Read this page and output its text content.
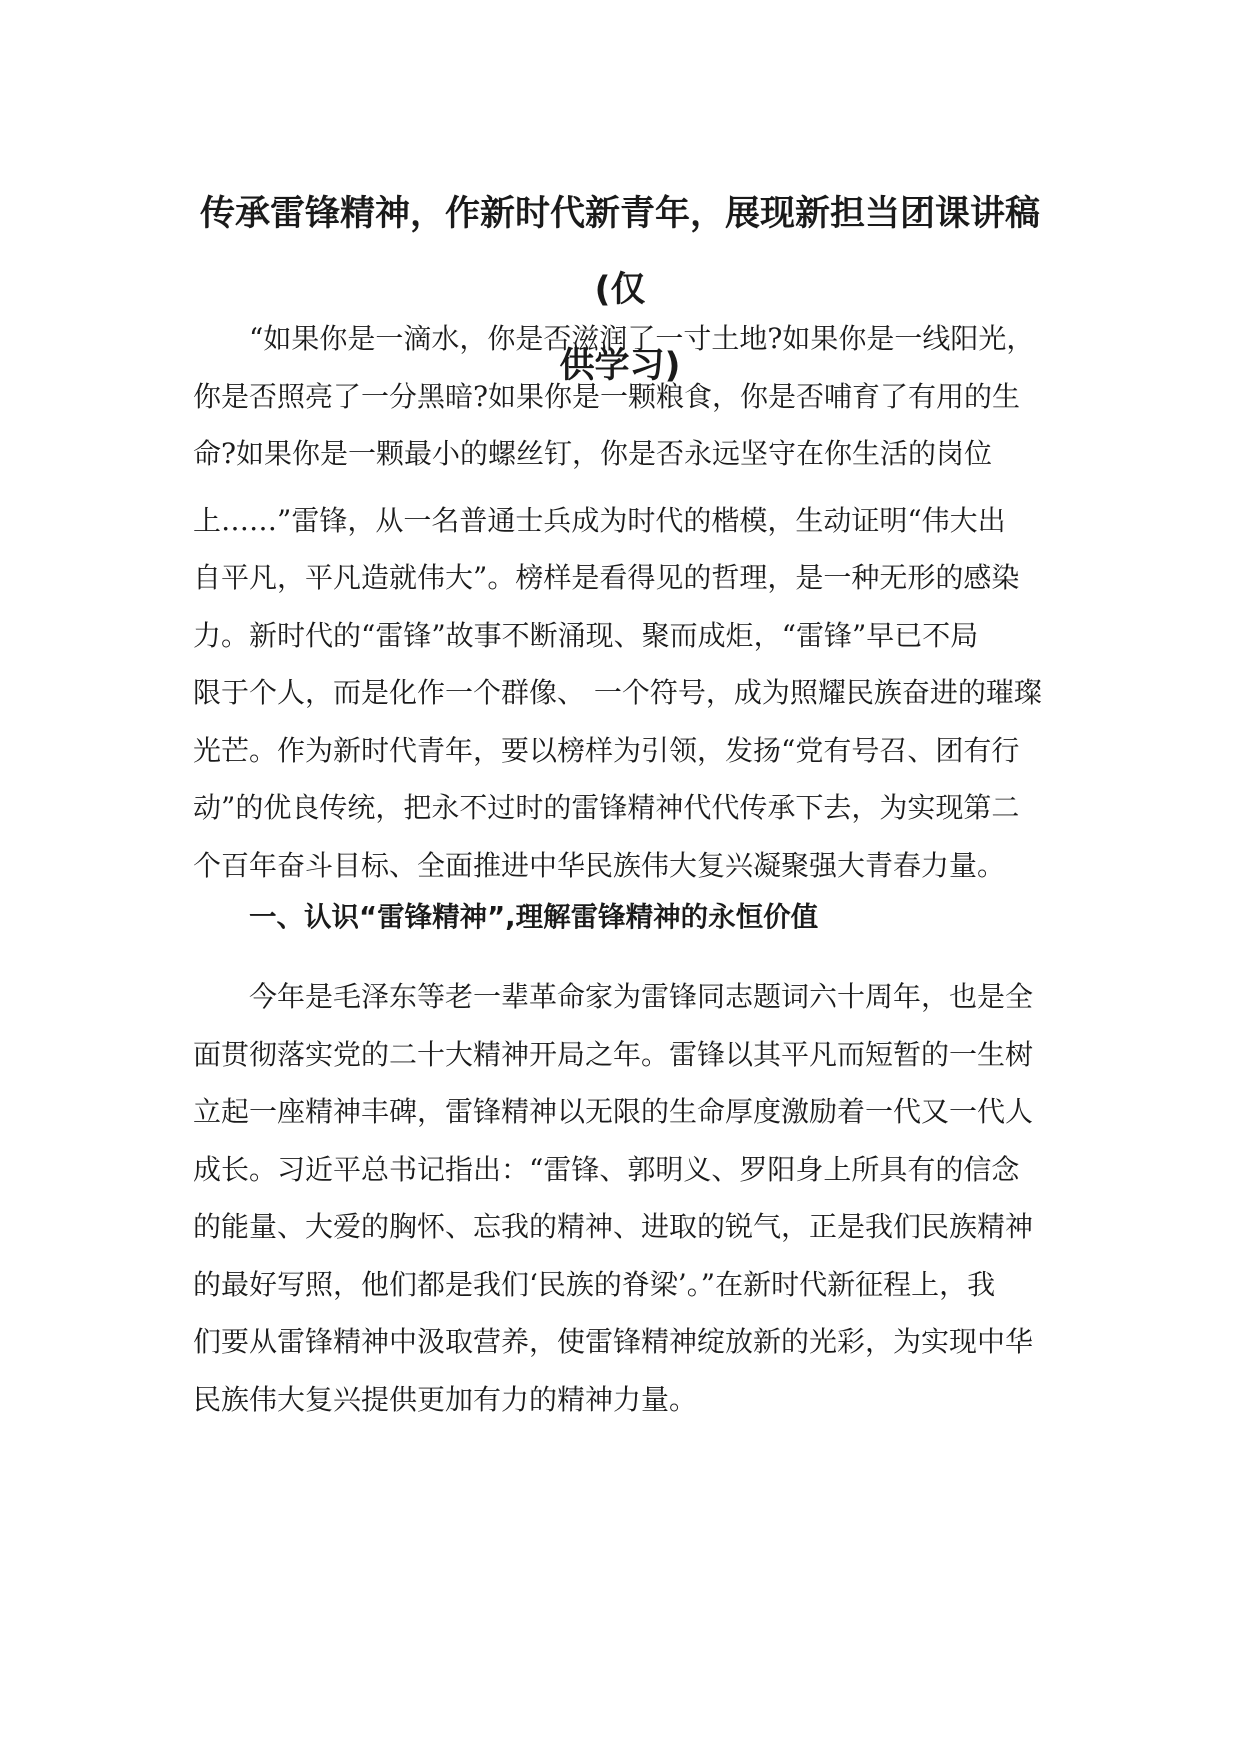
传承雷锋精神，作新时代新青年，展现新担当团课讲稿(仅
供学习)
“如果你是一滴水，你是否滋润了一寸土地?如果你是一线阳光，
你是否照亮了一分黑暗?如果你是一颗粮食，你是否哺育了有用的生
命?如果你是一颗最小的螺丝钉，你是否永远坚守在你生活的岗位
上……”雷锋，从一名普通士兵成为时代的楷模，生动证明“伟大出
自平凡，平凡造就伟大”。榜样是看得见的哲理，是一种无形的感染
力。新时代的“雷锋”故事不断涌现、聚而成炬，“雷锋”早已不局
限于个人，而是化作一个群像、 一个符号，成为照耀民族奋进的璀璨
光芒。作为新时代青年，要以榜样为引领，发扬“党有号召、团有行
动”的优良传统，把永不过时的雷锋精神代代传承下去，为实现第二
个百年奋斗目标、全面推进中华民族伟大复兴凝聚强大青春力量。
一、认识“雷锋精神”,理解雷锋精神的永恒价值
今年是毛泽东等老一辈革命家为雷锋同志题词六十周年，也是全
面贯彻落实党的二十大精神开局之年。雷锋以其平凡而短暂的一生树
立起一座精神丰碑，雷锋精神以无限的生命厚度激励着一代又一代人
成长。习近平总书记指出：“雷锋、郭明义、罗阳身上所具有的信念
的能量、大爱的胸怀、忘我的精神、进取的锐气，正是我们民族精神
的最好写照，他们都是我们‘民族的脊梁’。”在新时代新征程上，我
们要从雷锋精神中汲取营养，使雷锋精神绽放新的光彩，为实现中华
民族伟大复兴提供更加有力的精神力量。
